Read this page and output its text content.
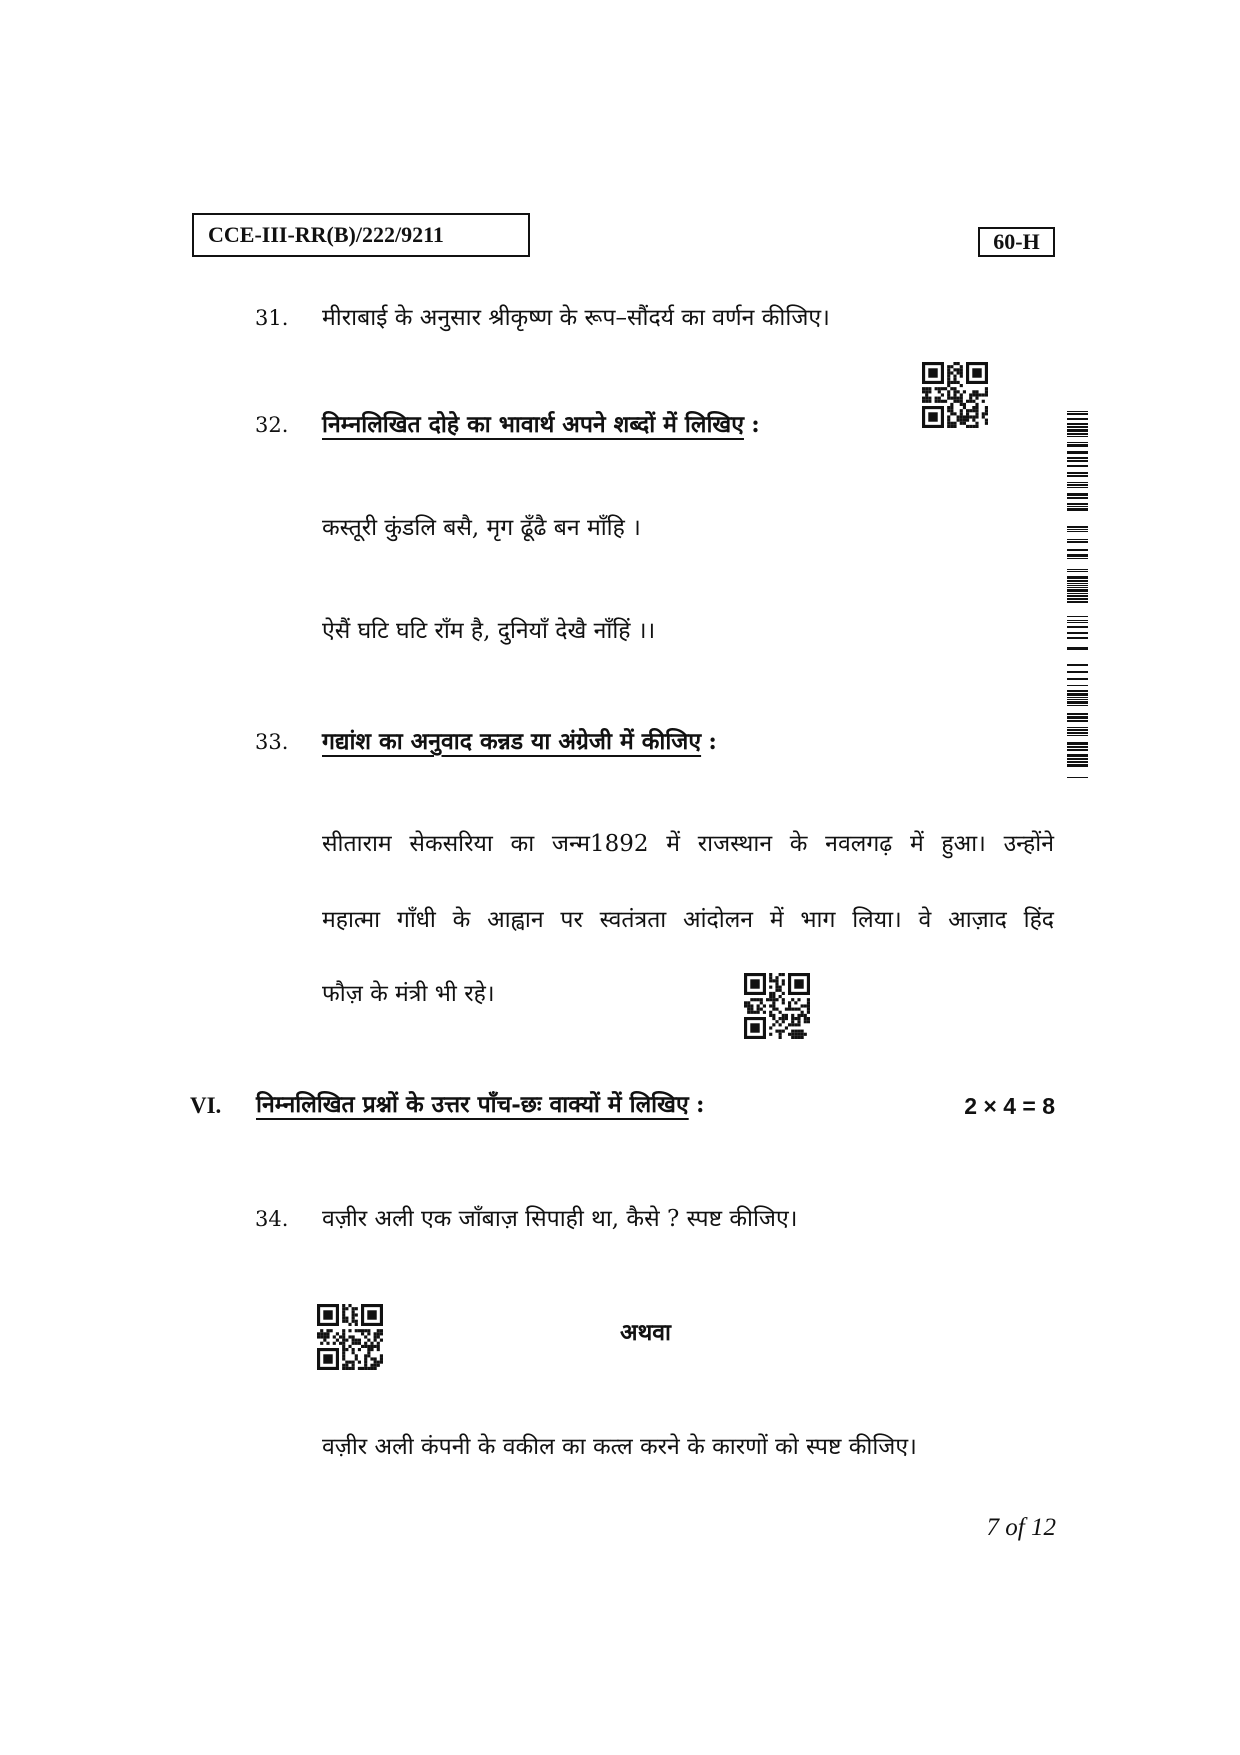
CCE-III-RR(B)/222/9211	60-H
31. मीराबाई के अनुसार श्रीकृष्ण के रूप–सौंदर्य का वर्णन कीजिए।
32. निम्नलिखित दोहे का भावार्थ अपने शब्दों में लिखिए :
कस्तूरी कुंडलि बसै, मृग ढूँढै बन माँहि ।
ऐसैं घटि घटि राँम है, दुनियाँ देखै नाँहिं ।।
33. गद्यांश का अनुवाद कन्नड या अंग्रेजी में कीजिए :
सीताराम सेकसरिया का जन्म1892 में राजस्थान के नवलगढ़ में हुआ। उन्होंने
महात्मा गाँधी के आह्वान पर स्वतंत्रता आंदोलन में भाग लिया। वे आज़ाद हिंद
फौज़ के मंत्री भी रहे।
VI. निम्नलिखित प्रश्नों के उत्तर पाँच-छः वाक्यों में लिखिए :	2 × 4 = 8
34. वज़ीर अली एक जाँबाज़ सिपाही था, कैसे ? स्पष्ट कीजिए।
अथवा
वज़ीर अली कंपनी के वकील का कत्ल करने के कारणों को स्पष्ट कीजिए।
7 of 12
